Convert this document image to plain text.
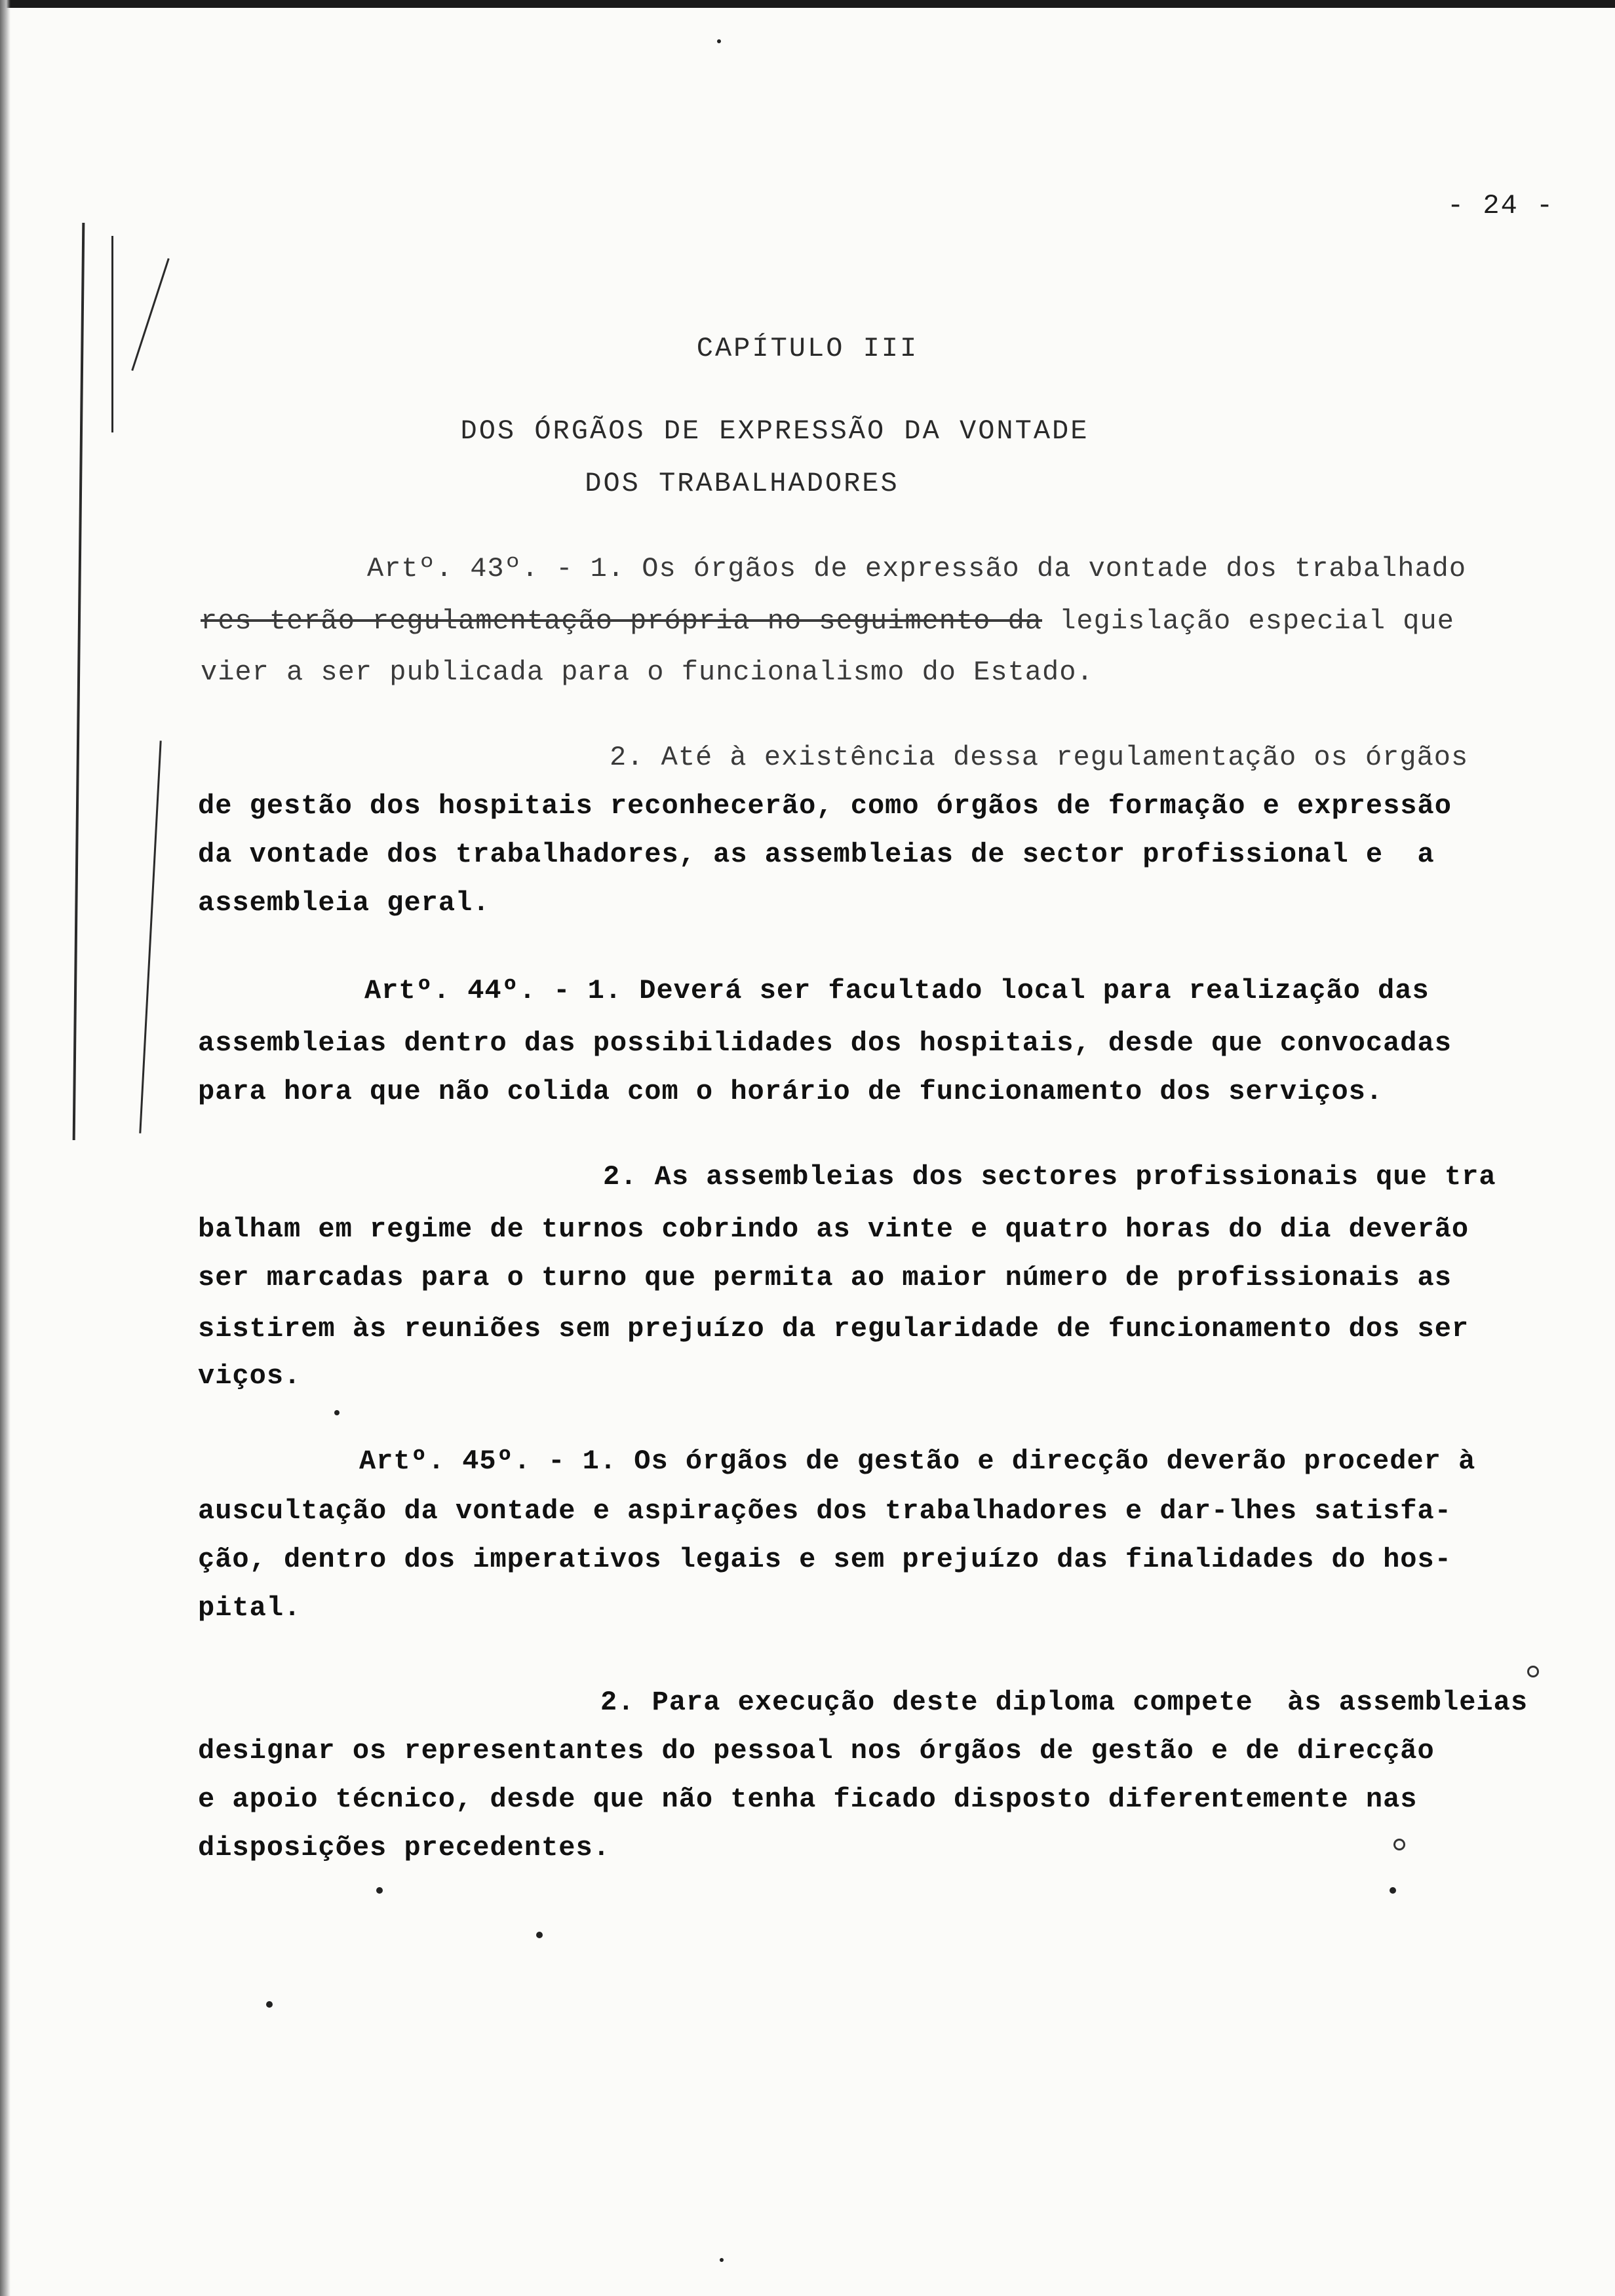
- 24 -
CAPÍTULO III
DOS ÓRGÃOS DE EXPRESSÃO DA VONTADE
DOS TRABALHADORES
Artº. 43º. - 1. Os órgãos de expressão da vontade dos trabalhado
res terão regulamentação própria no seguimento da legislação especial que
vier a ser publicada para o funcionalismo do Estado.
2. Até à existência dessa regulamentação os órgãos
de gestão dos hospitais reconhecerão, como órgãos de formação e expressão
da vontade dos trabalhadores, as assembleias de sector profissional e  a
assembleia geral.
Artº. 44º. - 1. Deverá ser facultado local para realização das
assembleias dentro das possibilidades dos hospitais, desde que convocadas
para hora que não colida com o horário de funcionamento dos serviços.
2. As assembleias dos sectores profissionais que tra
balham em regime de turnos cobrindo as vinte e quatro horas do dia deverão
ser marcadas para o turno que permita ao maior número de profissionais as
sistirem às reuniões sem prejuízo da regularidade de funcionamento dos ser
viços.
Artº. 45º. - 1. Os órgãos de gestão e direcção deverão proceder à
auscultação da vontade e aspirações dos trabalhadores e dar-lhes satisfa-
ção, dentro dos imperativos legais e sem prejuízo das finalidades do hos-
pital.
2. Para execução deste diploma compete  às assembleias
designar os representantes do pessoal nos órgãos de gestão e de direcção
e apoio técnico, desde que não tenha ficado disposto diferentemente nas
disposições precedentes.
